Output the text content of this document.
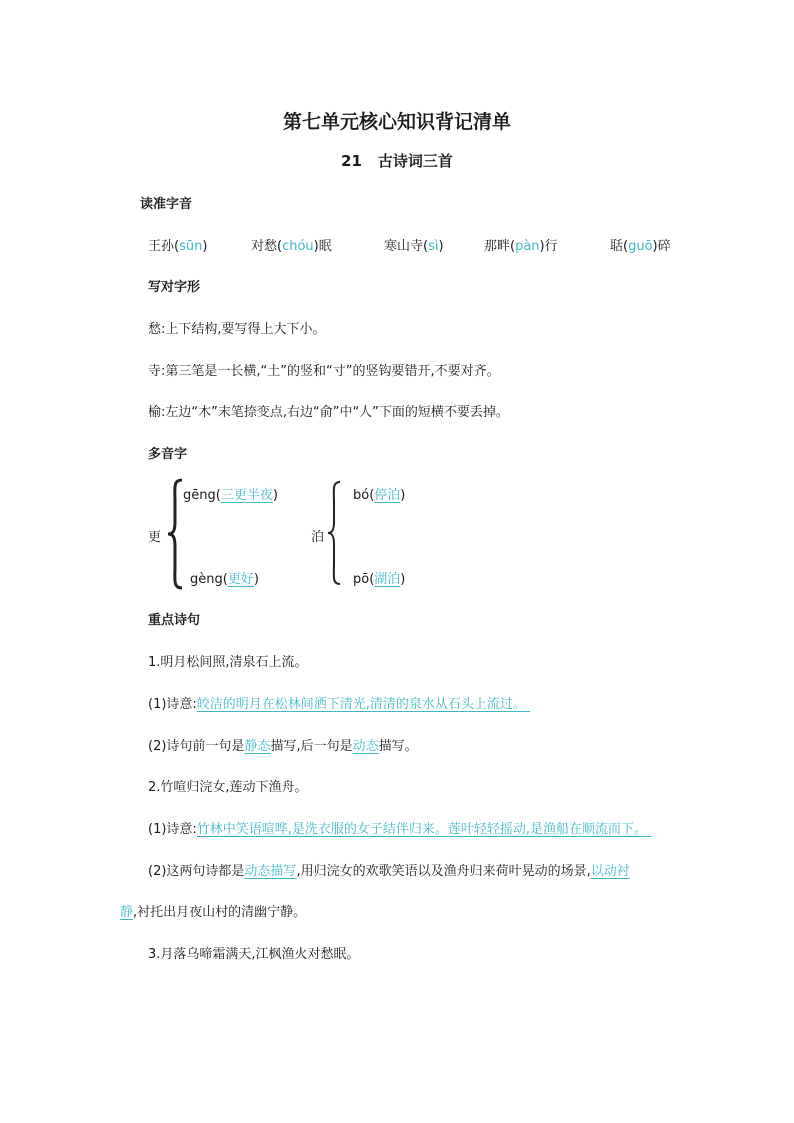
第七单元核心知识背记清单
21 古诗词三首
读准字音
王孙(sūn)	对愁(chóu)眠	寒山寺(sì)	那畔(pàn)行	聒(guō)碎
写对字形
愁:上下结构,要写得上大下小。
寺:第三笔是一长横,“土”的竖和“寸”的竖钩要错开,不要对齐。
榆:左边“木”末笔捺变点,右边“俞”中“人”下面的短横不要丢掉。
多音字
更
gēng(三更半夜)
gèng(更好)
泊
bó(停泊)
pō(湖泊)
重点诗句
1.明月松间照,清泉石上流。
(1)诗意:皎洁的明月在松林间洒下清光,清清的泉水从石头上流过。
(2)诗句前一句是静态描写,后一句是动态描写。
2.竹喧归浣女,莲动下渔舟。
(1)诗意:竹林中笑语喧哗,是洗衣服的女子结伴归来。莲叶轻轻摇动,是渔船在顺流而下。
(2)这两句诗都是动态描写,用归浣女的欢歌笑语以及渔舟归来荷叶晃动的场景,以动衬
静,衬托出月夜山村的清幽宁静。
3.月落乌啼霜满天,江枫渔火对愁眠。
